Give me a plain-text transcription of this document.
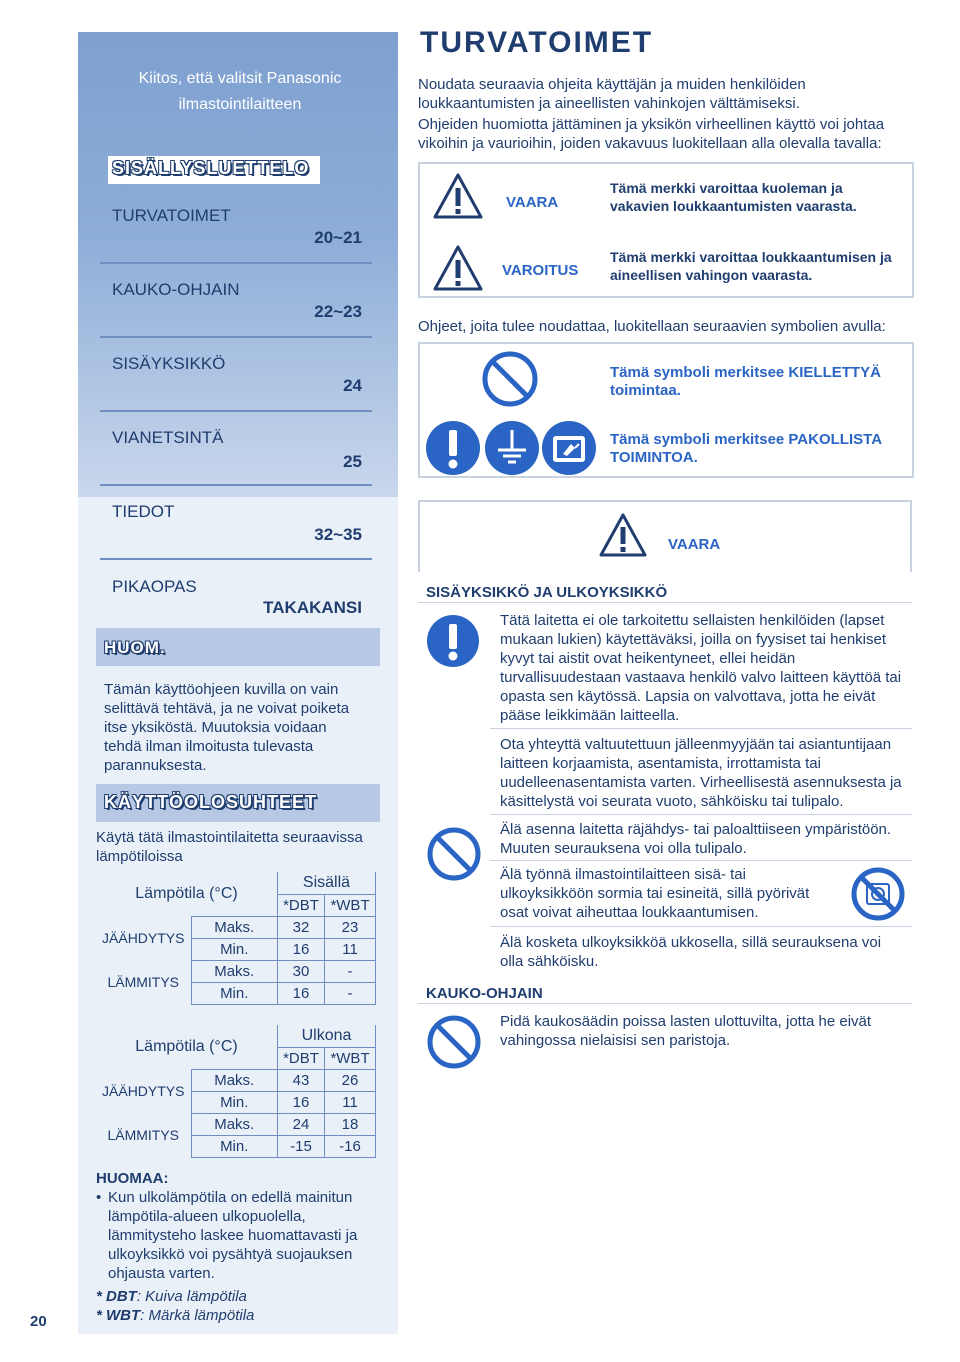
Kiitos, että valitsit Panasonic ilmastointilaitteen
SISÄLLYSLUETTELO
TURVATOIMET
20~21
KAUKO-OHJAIN
22~23
SISÄYKSIKKÖ
24
VIANETSINTÄ
25
TIEDOT
32~35
PIKAOPAS
TAKAKANSI
HUOM.
Tämän käyttöohjeen kuvilla on vain selittävä tehtävä, ja ne voivat poiketa itse yksiköstä. Muutoksia voidaan tehdä ilman ilmoitusta tulevasta parannuksesta.
KÄYTTÖOLOSUHTEET
Käytä tätä ilmastointilaitetta seuraavissa lämpötiloissa
Lämpötila (°C)		Sisällä	
		*DBT	*WBT
JÄÄHDYTYS	Maks.	32	23
	Min.	16	11
LÄMMITYS	Maks.	30	-
	Min.	16	-
Lämpötila (°C)		Ulkona	
		*DBT	*WBT
JÄÄHDYTYS	Maks.	43	26
	Min.	16	11
LÄMMITYS	Maks.	24	18
	Min.	-15	-16
HUOMAA:
• Kun ulkolämpötila on edellä mainitun lämpötila-alueen ulkopuolella, lämmitysteho laskee huomattavasti ja ulkoyksikkö voi pysähtyä suojauksen ohjausta varten.
* DBT: Kuiva lämpötila
* WBT: Märkä lämpötila
20
TURVATOIMET
Noudata seuraavia ohjeita käyttäjän ja muiden henkilöiden loukkaantumisten ja aineellisten vahinkojen välttämiseksi.
Ohjeiden huomiotta jättäminen ja yksikön virheellinen käyttö voi johtaa vikoihin ja vaurioihin, joiden vakavuus luokitellaan alla olevalla tavalla:
VAARA
Tämä merkki varoittaa kuoleman ja vakavien loukkaantumisten vaarasta.
VAROITUS
Tämä merkki varoittaa loukkaantumisen ja aineellisen vahingon vaarasta.
Ohjeet, joita tulee noudattaa, luokitellaan seuraavien symbolien avulla:
Tämä symboli merkitsee KIELLETTYÄ toimintaa.
Tämä symboli merkitsee PAKOLLISTA TOIMINTOA.
VAARA
SISÄYKSIKKÖ JA ULKOYKSIKKÖ
Tätä laitetta ei ole tarkoitettu sellaisten henkilöiden (lapset mukaan lukien) käytettäväksi, joilla on fyysiset tai henkiset kyvyt tai aistit ovat heikentyneet, ellei heidän turvallisuudestaan vastaava henkilö valvo laitteen käyttöä tai opasta sen käytössä. Lapsia on valvottava, jotta he eivät pääse leikkimään laitteella.
Ota yhteyttä valtuutettuun jälleenmyyjään tai asiantuntijaan laitteen korjaamista, asentamista, irrottamista tai uudelleenasentamista varten. Virheellisestä asennuksesta ja käsittelystä voi seurata vuoto, sähköisku tai tulipalo.
Älä asenna laitetta räjähdys- tai paloalttiiseen ympäristöön. Muuten seurauksena voi olla tulipalo.
Älä työnnä ilmastointilaitteen sisä- tai ulkoyksikköön sormia tai esineitä, sillä pyörivät osat voivat aiheuttaa loukkaantumisen.
Älä kosketa ulkoyksikköä ukkosella, sillä seurauksena voi olla sähköisku.
KAUKO-OHJAIN
Pidä kaukosäädin poissa lasten ulottuvilta, jotta he eivät vahingossa nielaisisi sen paristoja.
